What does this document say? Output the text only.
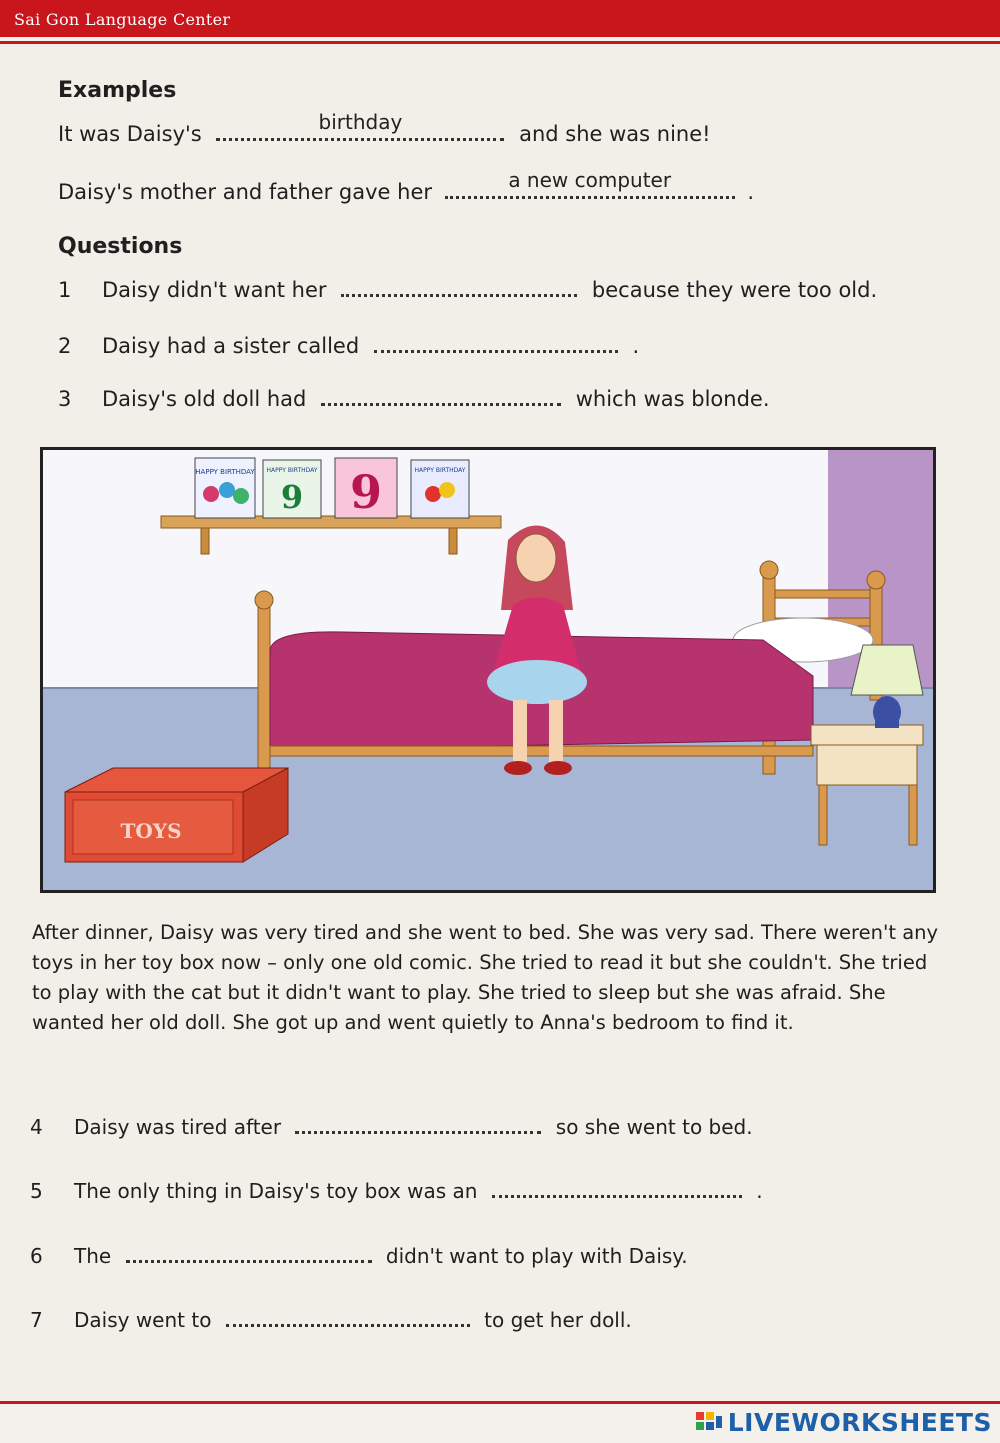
Sai Gon Language Center
Examples
It was Daisy's	birthday	and she was nine!
Daisy's mother and father gave her	a new computer	.
Questions
1 Daisy didn't want her	because they were too old.
2 Daisy had a sister called	.
3 Daisy's old doll had	which was blonde.
HAPPY BIRTHDAY
9
HAPPY BIRTHDAY 9	HAPPY BIRTHDAY
TOYS
After dinner, Daisy was very tired and she went to bed. She was very sad. There weren't any toys in her toy box now – only one old comic. She tried to read it but she couldn't. She tried to play with the cat but it didn't want to play. She tried to sleep but she was afraid. She wanted her old doll. She got up and went quietly to Anna's bedroom to find it.
4 Daisy was tired after	so she went to bed.
5 The only thing in Daisy's toy box was an	.
6 The	didn't want to play with Daisy.
7 Daisy went to	to get her doll.
LIVEWORKSHEETS
